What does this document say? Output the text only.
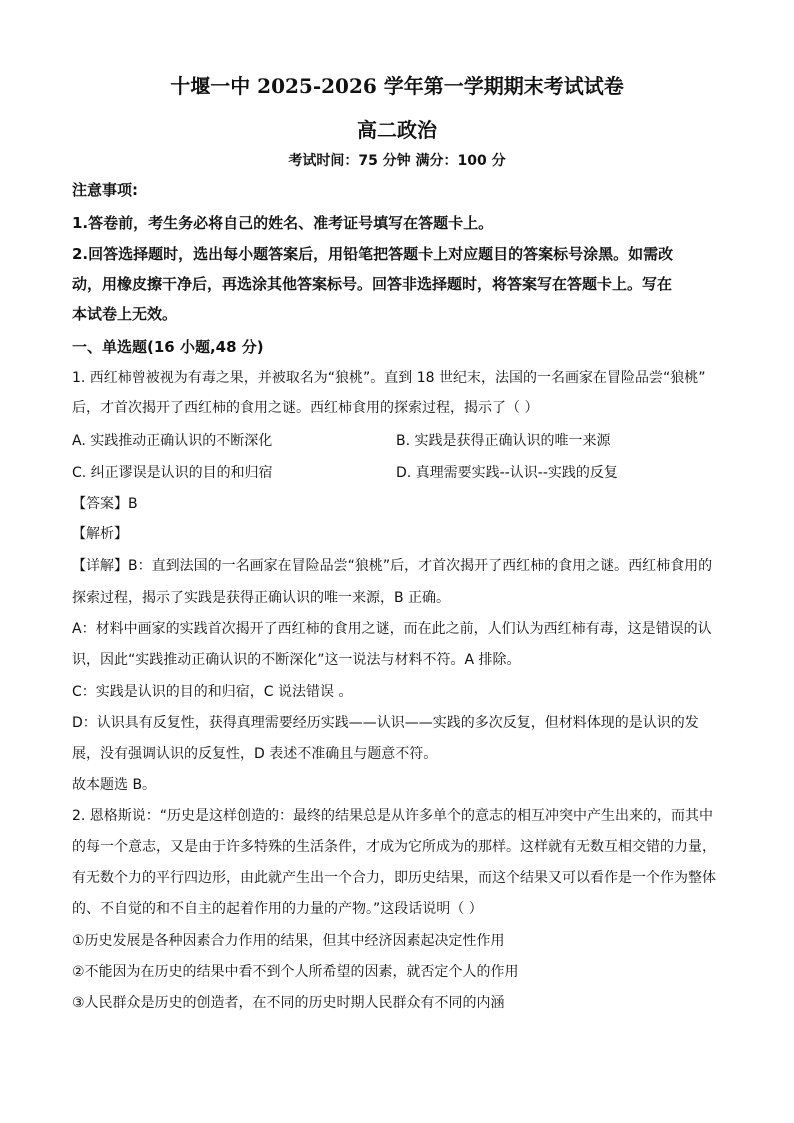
十堰一中 2025-2026 学年第一学期期末考试试卷
高二政治
考试时间：75 分钟 满分：100 分
注意事项:
1.答卷前，考生务必将自己的姓名、准考证号填写在答题卡上。
2.回答选择题时，选出每小题答案后，用铅笔把答题卡上对应题目的答案标号涂黑。如需改
动，用橡皮擦干净后，再选涂其他答案标号。回答非选择题时，将答案写在答题卡上。写在
本试卷上无效。
一、单选题(16 小题,48 分)
1. 西红柿曾被视为有毒之果，并被取名为“狼桃”。直到 18 世纪末，法国的一名画家在冒险品尝“狼桃”
后，才首次揭开了西红柿的食用之谜。西红柿食用的探索过程，揭示了（ ）
A. 实践推动正确认识的不断深化	B. 实践是获得正确认识的唯一来源
C. 纠正谬误是认识的目的和归宿	D. 真理需要实践--认识--实践的反复
【答案】B
【解析】
【详解】B：直到法国的一名画家在冒险品尝“狼桃”后，才首次揭开了西红柿的食用之谜。西红柿食用的
探索过程，揭示了实践是获得正确认识的唯一来源，B 正确。
A：材料中画家的实践首次揭开了西红柿的食用之谜，而在此之前，人们认为西红柿有毒，这是错误的认
识，因此“实践推动正确认识的不断深化”这一说法与材料不符。A 排除。
C：实践是认识的目的和归宿，C 说法错误 。
D：认识具有反复性，获得真理需要经历实践——认识——实践的多次反复，但材料体现的是认识的发
展，没有强调认识的反复性，D 表述不准确且与题意不符。
故本题选 B。
2. 恩格斯说：“历史是这样创造的：最终的结果总是从许多单个的意志的相互冲突中产生出来的，而其中
的每一个意志，又是由于许多特殊的生活条件，才成为它所成为的那样。这样就有无数互相交错的力量，
有无数个力的平行四边形，由此就产生出一个合力，即历史结果，而这个结果又可以看作是一个作为整体
的、不自觉的和不自主的起着作用的力量的产物。”这段话说明（ ）
①历史发展是各种因素合力作用的结果，但其中经济因素起决定性作用
②不能因为在历史的结果中看不到个人所希望的因素，就否定个人的作用
③人民群众是历史的创造者，在不同的历史时期人民群众有不同的内涵
